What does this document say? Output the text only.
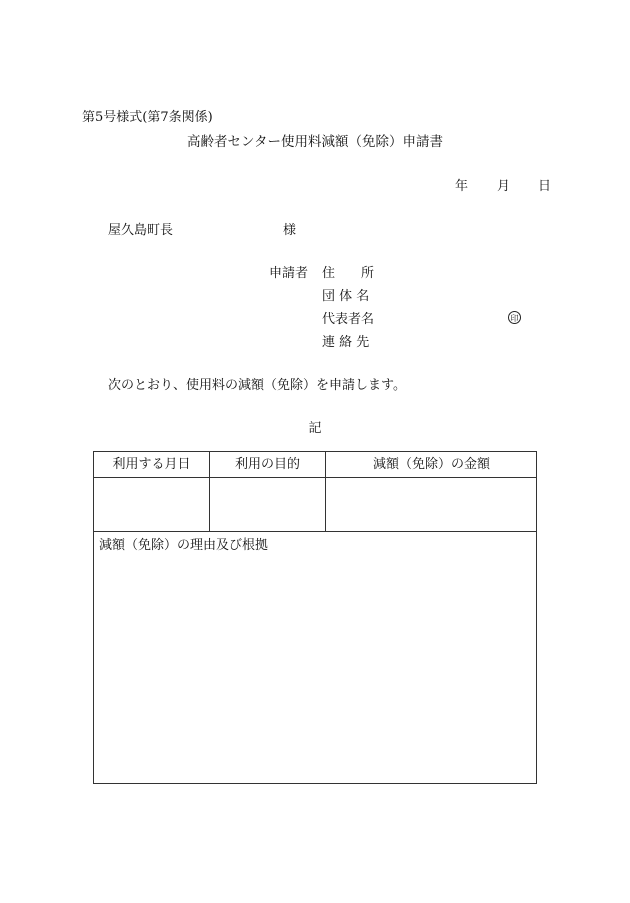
第5号様式(第7条関係)
高齢者センター使用料減額（免除）申請書
年 月 日
屋久島町長	様
申請者 住　　所
団 体 名
代表者名	印
連 絡 先
次のとおり、使用料の減額（免除）を申請します。
記
利用する月日	利用の目的	減額（免除）の金額
減額（免除）の理由及び根拠
